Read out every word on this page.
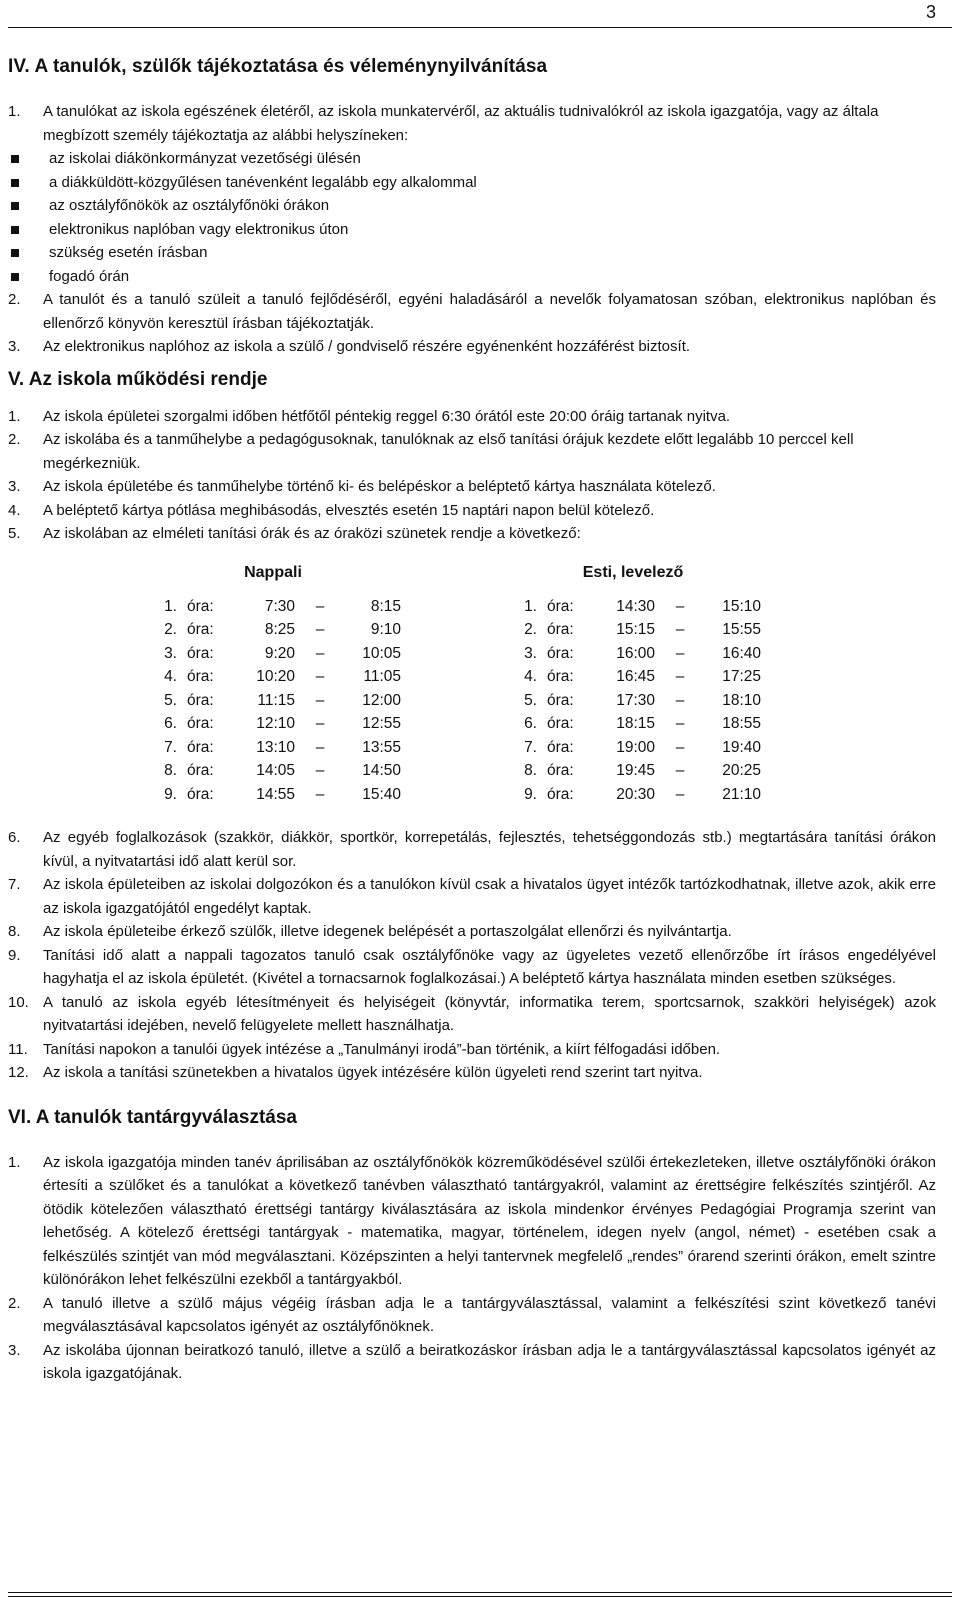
3
IV. A tanulók, szülők tájékoztatása és véleménynyilvánítása
1.	A tanulókat az iskola egészének életéről, az iskola munkatervéről, az aktuális tudnivalókról az iskola igazgatója, vagy az általa megbízott személy tájékoztatja az alábbi helyszíneken:
az iskolai diákönkormányzat vezetőségi ülésén
a diákküldött-közgyűlésen tanévenként legalább egy alkalommal
az osztályfőnökök az osztályfőnöki órákon
elektronikus naplóban vagy elektronikus úton
szükség esetén írásban
fogadó órán
2.	A tanulót és a tanuló szüleit a tanuló fejlődéséről, egyéni haladásáról a nevelők folyamatosan szóban, elektronikus naplóban és ellenőrző könyvön keresztül írásban tájékoztatják.
3.	Az elektronikus naplóhoz az iskola a szülő / gondviselő részére egyénenként hozzáférést biztosít.
V. Az iskola működési rendje
1.	Az iskola épületei szorgalmi időben hétfőtől péntekig reggel 6:30 órától este 20:00 óráig tartanak nyitva.
2.	Az iskolába és a tanműhelybe a pedagógusoknak, tanulóknak az első tanítási órájuk kezdete előtt legalább 10 perccel kell megérkezniük.
3.	Az iskola épületébe és tanműhelybe történő ki- és belépéskor a beléptető kártya használata kötelező.
4.	A beléptető kártya pótlása meghibásodás, elvesztés esetén 15 naptári napon belül kötelező.
5.	Az iskolában az elméleti tanítási órák és az óraközi szünetek rendje a következő:
Nappali
1. óra:	7:30	–	8:15
2. óra:	8:25	–	9:10
3. óra:	9:20	–	10:05
4. óra:	10:20	–	11:05
5. óra:	11:15	–	12:00
6. óra:	12:10	–	12:55
7. óra:	13:10	–	13:55
8. óra:	14:05	–	14:50
9. óra:	14:55	–	15:40
Esti, levelező
1. óra:	14:30	–	15:10
2. óra:	15:15	–	15:55
3. óra:	16:00	–	16:40
4. óra:	16:45	–	17:25
5. óra:	17:30	–	18:10
6. óra:	18:15	–	18:55
7. óra:	19:00	–	19:40
8. óra:	19:45	–	20:25
9. óra:	20:30	–	21:10
6.	Az egyéb foglalkozások (szakkör, diákkör, sportkör, korrepetálás, fejlesztés, tehetséggondozás stb.) megtartására tanítási órákon kívül, a nyitvatartási idő alatt kerül sor.
7.	Az iskola épületeiben az iskolai dolgozókon és a tanulókon kívül csak a hivatalos ügyet intézők tartózkodhatnak, illetve azok, akik erre az iskola igazgatójától engedélyt kaptak.
8.	Az iskola épületeibe érkező szülők, illetve idegenek belépését a portaszolgálat ellenőrzi és nyilvántartja.
9.	Tanítási idő alatt a nappali tagozatos tanuló csak osztályfőnöke vagy az ügyeletes vezető ellenőrzőbe írt írásos engedélyével hagyhatja el az iskola épületét. (Kivétel a tornacsarnok foglalkozásai.) A beléptető kártya használata minden esetben szükséges.
10. A tanuló az iskola egyéb létesítményeit és helyiségeit (könyvtár, informatika terem, sportcsarnok, szakköri helyiségek) azok nyitvatartási idejében, nevelő felügyelete mellett használhatja.
11.	Tanítási napokon a tanulói ügyek intézése a „Tanulmányi irodá”-ban történik, a kiírt félfogadási időben.
12. Az iskola a tanítási szünetekben a hivatalos ügyek intézésére külön ügyeleti rend szerint tart nyitva.
VI. A tanulók tantárgyválasztása
1.	Az iskola igazgatója minden tanév áprilisában az osztályfőnökök közreműködésével szülői értekezleteken, illetve osztályfőnöki órákon értesíti a szülőket és a tanulókat a következő tanévben választható tantárgyakról, valamint az érettségire felkészítés szintjéről. Az ötödik kötelezően választható érettségi tantárgy kiválasztására az iskola mindenkor érvényes Pedagógiai Programja szerint van lehetőség. A kötelező érettségi tantárgyak - matematika, magyar, történelem, idegen nyelv (angol, német) - esetében csak a felkészülés szintjét van mód megválasztani. Középszinten a helyi tantervnek megfelelő „rendes” órarend szerinti órákon, emelt szintre különórákon lehet felkészülni ezekből a tantárgyakból.
2.	A tanuló illetve a szülő május végéig írásban adja le a tantárgyválasztással, valamint a felkészítési szint következő tanévi megválasztásával kapcsolatos igényét az osztályfőnöknek.
3.	Az iskolába újonnan beiratkozó tanuló, illetve a szülő a beiratkozáskor írásban adja le a tantárgyválasztással kapcsolatos igényét az iskola igazgatójának.
